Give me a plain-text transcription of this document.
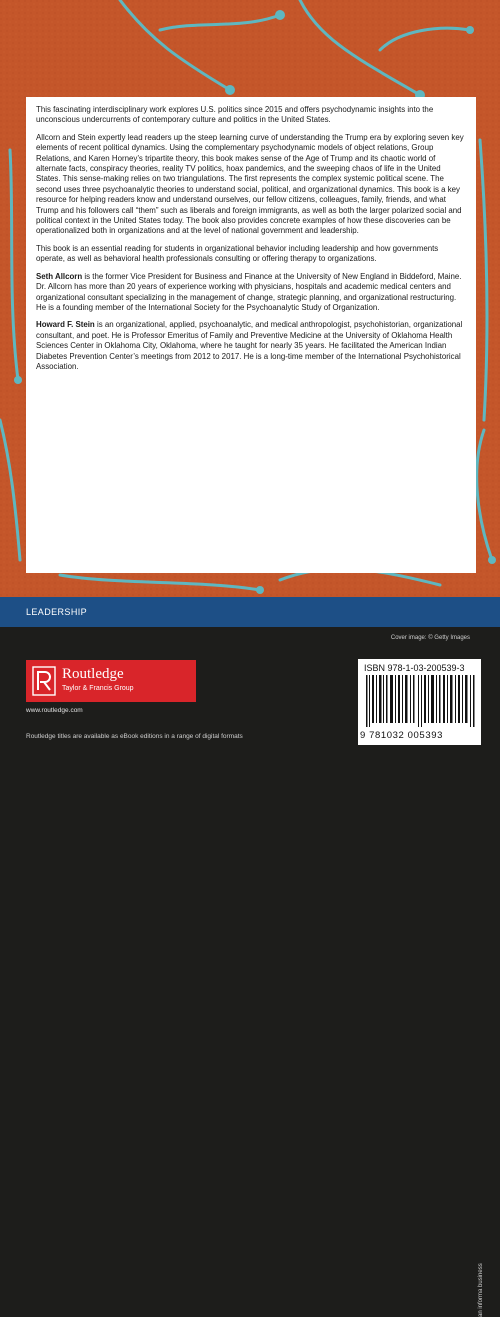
This fascinating interdisciplinary work explores U.S. politics since 2015 and offers psychodynamic insights into the unconscious undercurrents of contemporary culture and politics in the United States.

Allcorn and Stein expertly lead readers up the steep learning curve of understanding the Trump era by exploring seven key elements of recent political dynamics. Using the complementary psychodynamic models of object relations, Group Relations, and Karen Horney’s tripartite theory, this book makes sense of the Age of Trump and its chaotic world of alternate facts, conspiracy theories, reality TV politics, hoax pandemics, and the sweeping chaos of life in the United States. This sense-making relies on two triangulations. The first represents the complex systemic political scene. The second uses three psychoanalytic theories to understand social, political, and organizational dynamics. This book is a key resource for helping readers know and understand ourselves, our fellow citizens, colleagues, family, friends, and what Trump and his followers call “them” such as liberals and foreign immigrants, as well as both the larger polarized social and political context in the United States today. The book also provides concrete examples of how these discoveries can be operationalized both in organizations and at the level of national government and leadership.

This book is an essential reading for students in organizational behavior including leadership and how governments operate, as well as behavioral health professionals consulting or offering therapy to organizations.

Seth Allcorn is the former Vice President for Business and Finance at the University of New England in Biddeford, Maine. Dr. Allcorn has more than 20 years of experience working with physicians, hospitals and academic medical centers and organizational consultant specializing in the management of change, strategic planning, and organizational restructuring. He is a founding member of the International Society for the Psychoanalytic Study of Organization.

Howard F. Stein is an organizational, applied, psychoanalytic, and medical anthropologist, psychohistorian, organizational consultant, and poet. He is Professor Emeritus of Family and Preventive Medicine at the University of Oklahoma Health Sciences Center in Oklahoma City, Oklahoma, where he taught for nearly 35 years. He facilitated the American Indian Diabetes Prevention Center’s meetings from 2012 to 2017. He is a long-time member of the International Psychohistorical Association.

LEADERSHIP
Cover image: © Getty Images
Routledge
Taylor & Francis Group
www.routledge.com
Routledge titles are available as eBook editions in a range of digital formats
ISBN 978-1-03-200539-3
9 781032 005393
an informa business
